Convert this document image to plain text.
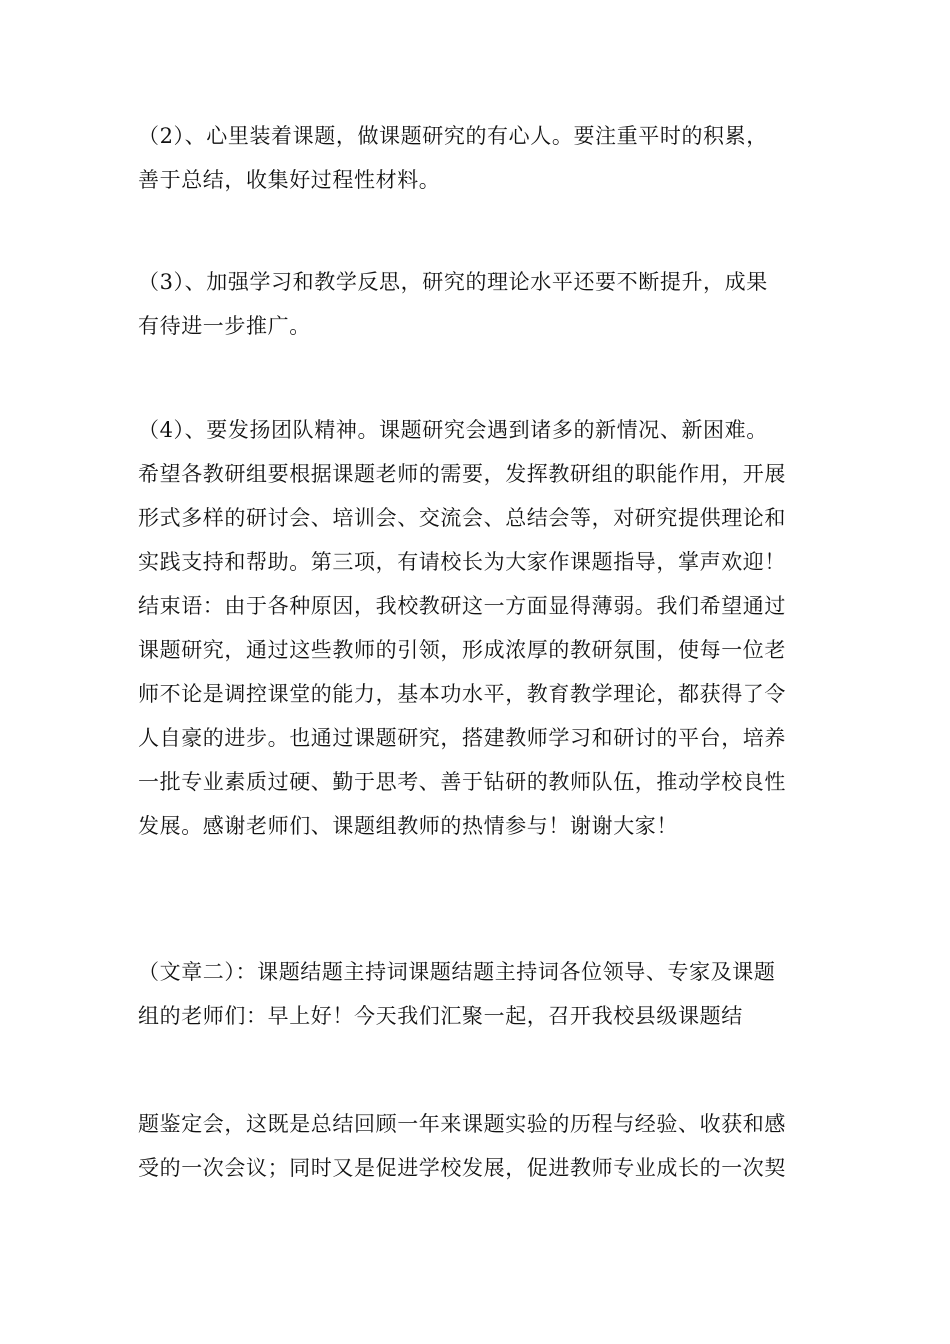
（2）、心里装着课题，做课题研究的有心人。要注重平时的积累，
善于总结，收集好过程性材料。
（3）、加强学习和教学反思，研究的理论水平还要不断提升，成果
有待进一步推广。
（4）、要发扬团队精神。课题研究会遇到诸多的新情况、新困难。
希望各教研组要根据课题老师的需要，发挥教研组的职能作用，开展
形式多样的研讨会、培训会、交流会、总结会等，对研究提供理论和
实践支持和帮助。第三项，有请校长为大家作课题指导，掌声欢迎！
结束语：由于各种原因，我校教研这一方面显得薄弱。我们希望通过
课题研究，通过这些教师的引领，形成浓厚的教研氛围，使每一位老
师不论是调控课堂的能力，基本功水平，教育教学理论，都获得了令
人自豪的进步。也通过课题研究，搭建教师学习和研讨的平台，培养
一批专业素质过硬、勤于思考、善于钻研的教师队伍，推动学校良性
发展。感谢老师们、课题组教师的热情参与！谢谢大家！
（文章二）：课题结题主持词课题结题主持词各位领导、专家及课题
组的老师们：早上好！今天我们汇聚一起，召开我校县级课题结
题鉴定会，这既是总结回顾一年来课题实验的历程与经验、收获和感
受的一次会议；同时又是促进学校发展，促进教师专业成长的一次契
